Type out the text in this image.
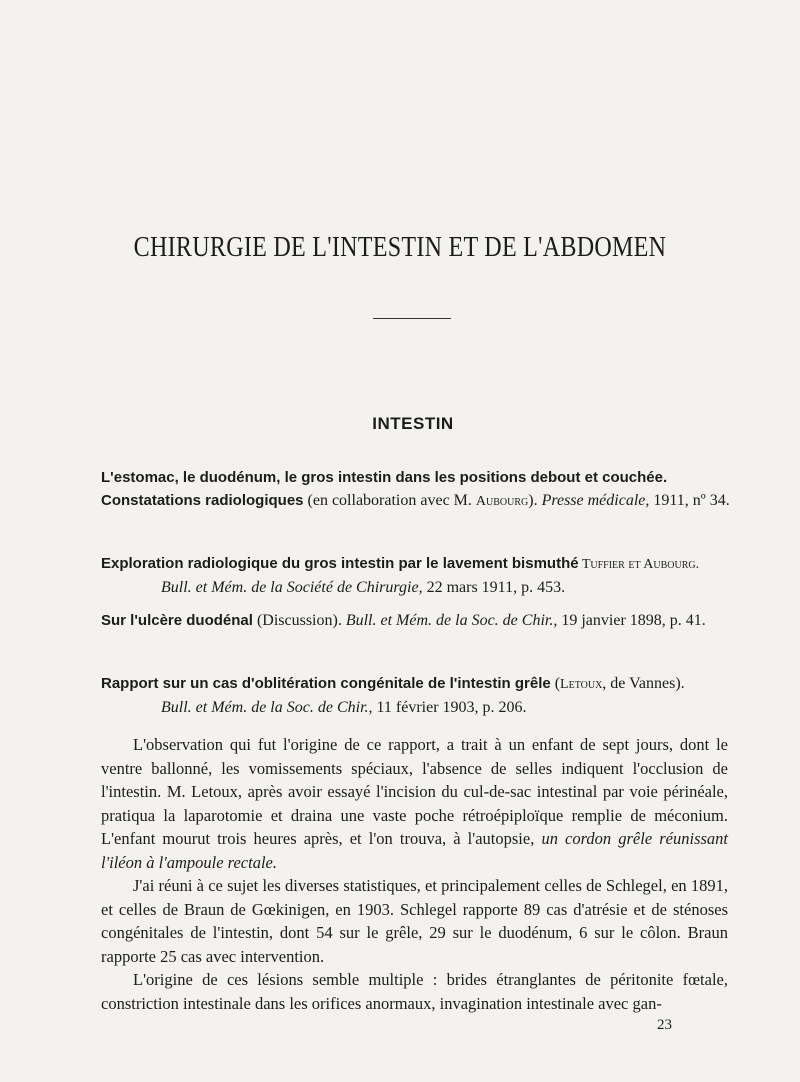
CHIRURGIE DE L'INTESTIN ET DE L'ABDOMEN
INTESTIN
L'estomac, le duodénum, le gros intestin dans les positions debout et couchée. Constatations radiologiques (en collaboration avec M. Aubourg). Presse médicale, 1911, nº 34.
Exploration radiologique du gros intestin par le lavement bismuthé Tuffier et Aubourg.
Bull. et Mém. de la Société de Chirurgie, 22 mars 1911, p. 453.
Sur l'ulcère duodénal (Discussion). Bull. et Mém. de la Soc. de Chir., 19 janvier 1898, p. 41.
Rapport sur un cas d'oblitération congénitale de l'intestin grêle (Letoux, de Vannes).
Bull. et Mém. de la Soc. de Chir., 11 février 1903, p. 206.

L'observation qui fut l'origine de ce rapport, a trait à un enfant de sept jours, dont le ventre ballonné, les vomissements spéciaux, l'absence de selles indiquent l'occlusion de l'intestin. M. Letoux, après avoir essayé l'incision du cul-de-sac intestinal par voie périnéale, pratiqua la laparotomie et draina une vaste poche rétroépiploïque remplie de méconium. L'enfant mourut trois heures après, et l'on trouva, à l'autopsie, un cordon grêle réunissant l'iléon à l'ampoule rectale.

J'ai réuni à ce sujet les diverses statistiques, et principalement celles de Schlegel, en 1891, et celles de Braun de Gœkinigen, en 1903. Schlegel rapporte 89 cas d'atrésie et de sténoses congénitales de l'intestin, dont 54 sur le grêle, 29 sur le duodénum, 6 sur le côlon. Braun rapporte 25 cas avec intervention.

L'origine de ces lésions semble multiple : brides étranglantes de péritonite fœtale, constriction intestinale dans les orifices anormaux, invagination intestinale avec gan-

23
